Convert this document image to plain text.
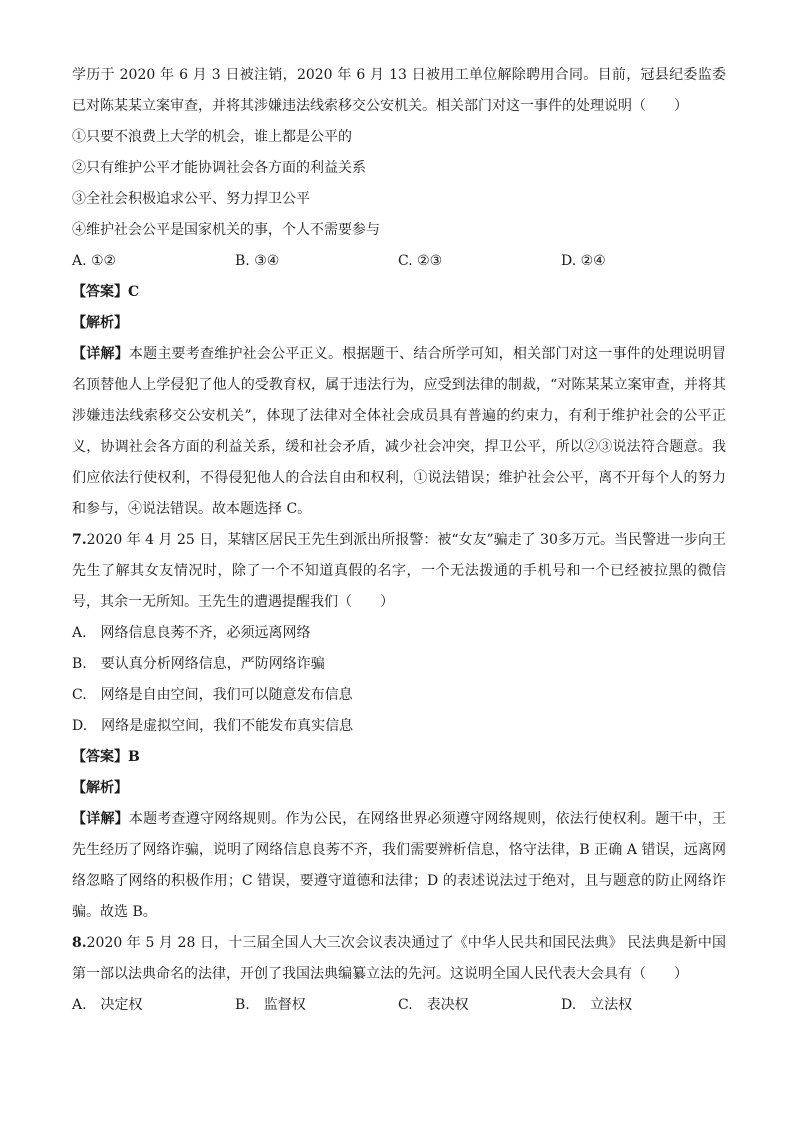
学历于 2020 年 6 月 3 日被注销，2020 年 6 月 13 日被用工单位解除聘用合同。目前，冠县纪委监委已对陈某某立案审查，并将其涉嫌违法线索移交公安机关。相关部门对这一事件的处理说明（　　）

①只要不浪费上大学的机会，谁上都是公平的

②只有维护公平才能协调社会各方面的利益关系

③全社会积极追求公平、努力捍卫公平

④维护社会公平是国家机关的事，个人不需要参与

A. ①②	B. ③④	C. ②③	D. ②④

【答案】C

【解析】

【详解】本题主要考查维护社会公平正义。根据题干、结合所学可知，相关部门对这一事件的处理说明冒名顶替他人上学侵犯了他人的受教育权，属于违法行为，应受到法律的制裁，“对陈某某立案审查，并将其涉嫌违法线索移交公安机关”，体现了法律对全体社会成员具有普遍的约束力，有利于维护社会的公平正义，协调社会各方面的利益关系，缓和社会矛盾，减少社会冲突，捍卫公平，所以②③说法符合题意。我们应依法行使权利，不得侵犯他人的合法自由和权利，①说法错误；维护社会公平，离不开每个人的努力和参与，④说法错误。故本题选择 C。

7.2020 年 4 月 25 日，某辖区居民王先生到派出所报警：被“女友”骗走了 30多万元。当民警进一步向王先生了解其女友情况时，除了一个不知道真假的名字，一个无法拨通的手机号和一个已经被拉黑的微信号，其余一无所知。王先生的遭遇提醒我们（　　）

A.　网络信息良莠不齐，必须远离网络

B.　要认真分析网络信息，严防网络诈骗

C.　网络是自由空间，我们可以随意发布信息

D.　网络是虚拟空间，我们不能发布真实信息

【答案】B

【解析】

【详解】本题考查遵守网络规则。作为公民，在网络世界必须遵守网络规则，依法行使权利。题干中，王先生经历了网络诈骗，说明了网络信息良莠不齐，我们需要辨析信息，恪守法律，B 正确 A 错误，远离网络忽略了网络的积极作用；C 错误，要遵守道德和法律；D 的表述说法过于绝对，且与题意的防止网络诈骗。故选 B。

8.2020 年 5 月 28 日，十三届全国人大三次会议表决通过了《中华人民共和国民法典》 民法典是新中国第一部以法典命名的法律，开创了我国法典编纂立法的先河。这说明全国人民代表大会具有（　　）

A.　决定权	B.　监督权	C.　表决权	D.　立法权
